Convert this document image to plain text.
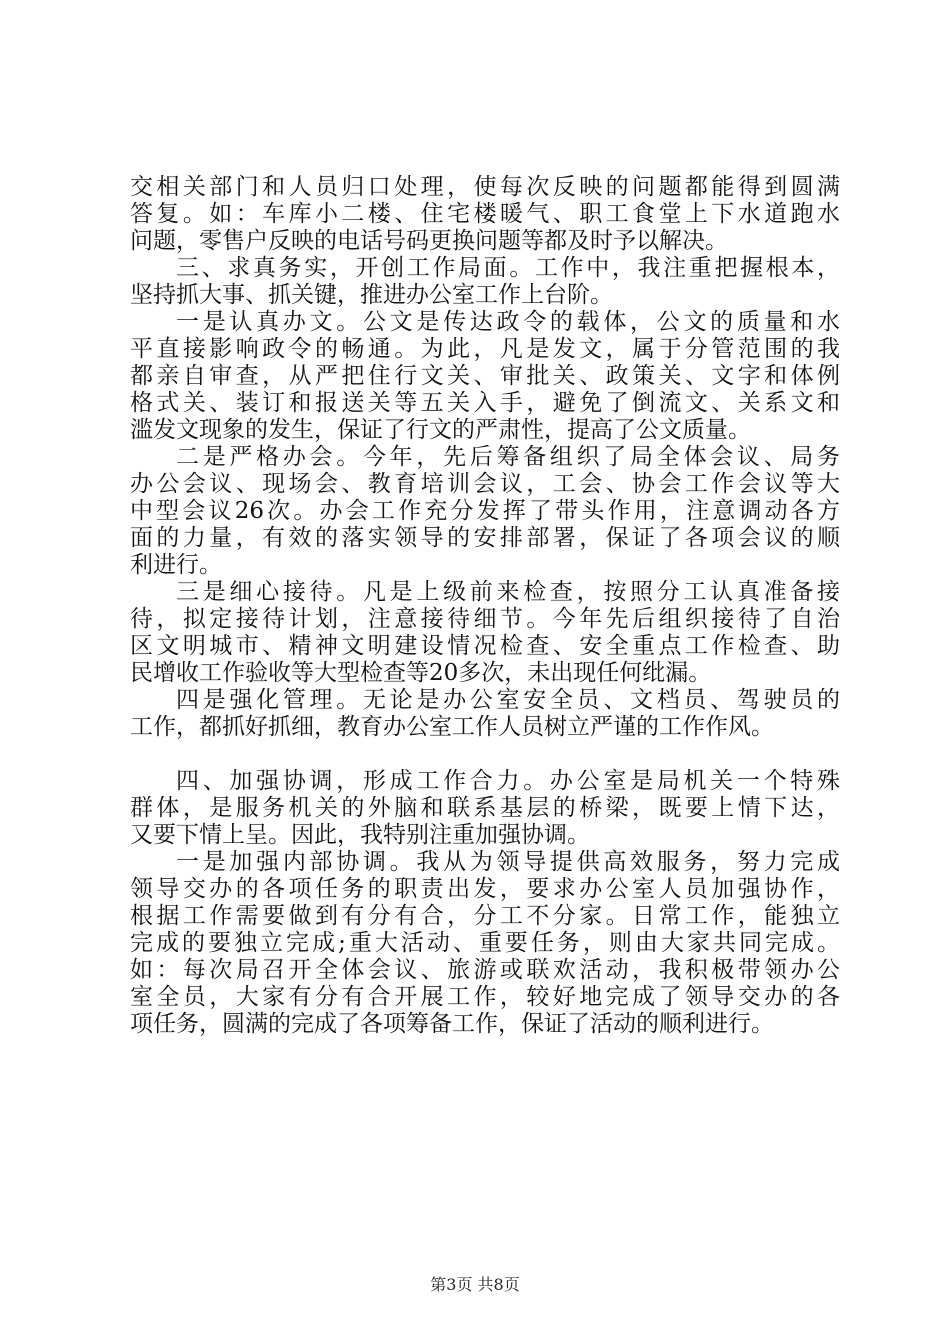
交相关部门和人员归口处理，使每次反映的问题都能得到圆满
答复。如：车库小二楼、住宅楼暖气、职工食堂上下水道跑水
问题，零售户反映的电话号码更换问题等都及时予以解决。
三、求真务实，开创工作局面。工作中，我注重把握根本，
坚持抓大事、抓关键，推进办公室工作上台阶。
一是认真办文。公文是传达政令的载体，公文的质量和水
平直接影响政令的畅通。为此，凡是发文，属于分管范围的我
都亲自审查，从严把住行文关、审批关、政策关、文字和体例
格式关、装订和报送关等五关入手，避免了倒流文、关系文和
滥发文现象的发生，保证了行文的严肃性，提高了公文质量。
二是严格办会。今年，先后筹备组织了局全体会议、局务
办公会议、现场会、教育培训会议，工会、协会工作会议等大
中型会议26次。办会工作充分发挥了带头作用，注意调动各方
面的力量，有效的落实领导的安排部署，保证了各项会议的顺
利进行。
三是细心接待。凡是上级前来检查，按照分工认真准备接
待，拟定接待计划，注意接待细节。今年先后组织接待了自治
区文明城市、精神文明建设情况检查、安全重点工作检查、助
民增收工作验收等大型检查等20多次，未出现任何纰漏。
四是强化管理。无论是办公室安全员、文档员、驾驶员的
工作，都抓好抓细，教育办公室工作人员树立严谨的工作作风。
四、加强协调，形成工作合力。办公室是局机关一个特殊
群体，是服务机关的外脑和联系基层的桥梁，既要上情下达，
又要下情上呈。因此，我特别注重加强协调。
一是加强内部协调。我从为领导提供高效服务，努力完成
领导交办的各项任务的职责出发，要求办公室人员加强协作，
根据工作需要做到有分有合，分工不分家。日常工作，能独立
完成的要独立完成;重大活动、重要任务，则由大家共同完成。
如：每次局召开全体会议、旅游或联欢活动，我积极带领办公
室全员，大家有分有合开展工作，较好地完成了领导交办的各
项任务，圆满的完成了各项筹备工作，保证了活动的顺利进行。
第3页 共8页
